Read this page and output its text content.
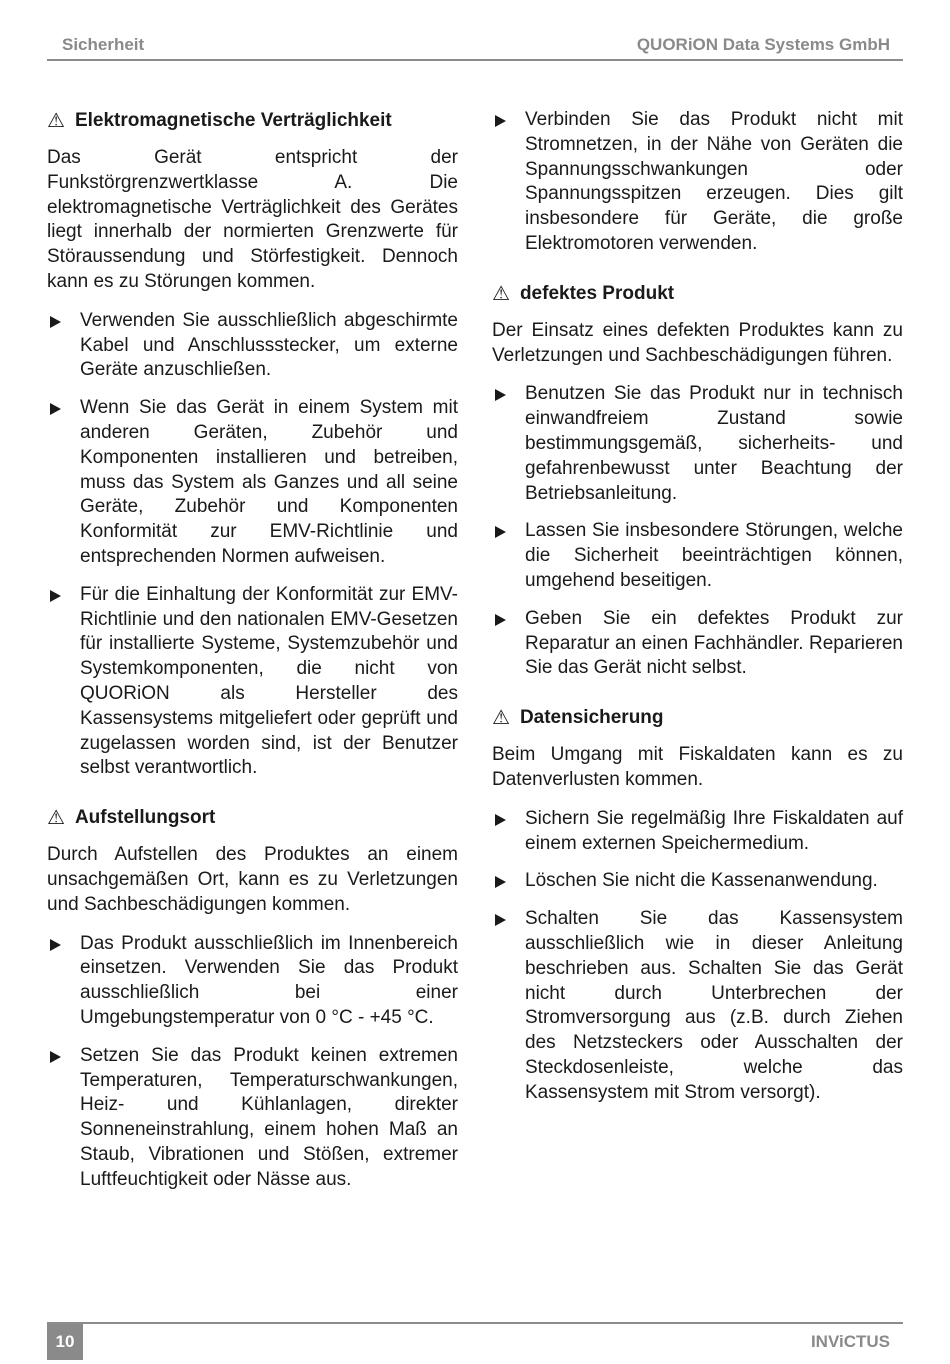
Sicherheit	QUORiON Data Systems GmbH
⚠ Elektromagnetische Verträglichkeit

Das Gerät entspricht der Funkstörgrenzwertklasse A. Die elektromagnetische Verträglichkeit des Gerätes liegt innerhalb der normierten Grenzwerte für Störaussendung und Störfestigkeit. Dennoch kann es zu Störungen kommen.

Verwenden Sie ausschließlich abgeschirmte Kabel und Anschlussstecker, um externe Geräte anzuschließen.
Wenn Sie das Gerät in einem System mit anderen Geräten, Zubehör und Komponenten installieren und betreiben, muss das System als Ganzes und all seine Geräte, Zubehör und Komponenten Konformität zur EMV-Richtlinie und entsprechenden Normen aufweisen.
Für die Einhaltung der Konformität zur EMV-Richtlinie und den nationalen EMV-Gesetzen für installierte Systeme, Systemzubehör und Systemkomponenten, die nicht von QUORiON als Hersteller des Kassensystems mitgeliefert oder geprüft und zugelassen worden sind, ist der Benutzer selbst verantwortlich.
⚠ Aufstellungsort

Durch Aufstellen des Produktes an einem unsachgemäßen Ort, kann es zu Verletzungen und Sachbeschädigungen kommen.

Das Produkt ausschließlich im Innenbereich einsetzen. Verwenden Sie das Produkt ausschließlich bei einer Umgebungstemperatur von 0 °C - +45 °C.
Setzen Sie das Produkt keinen extremen Temperaturen, Temperaturschwankungen, Heiz- und Kühlanlagen, direkter Sonneneinstrahlung, einem hohen Maß an Staub, Vibrationen und Stößen, extremer Luftfeuchtigkeit oder Nässe aus.
Verbinden Sie das Produkt nicht mit Stromnetzen, in der Nähe von Geräten die Spannungsschwankungen oder Spannungsspitzen erzeugen. Dies gilt insbesondere für Geräte, die große Elektromotoren verwenden.
⚠ defektes Produkt

Der Einsatz eines defekten Produktes kann zu Verletzungen und Sachbeschädigungen führen.

Benutzen Sie das Produkt nur in technisch einwandfreiem Zustand sowie bestimmungsgemäß, sicherheits- und gefahrenbewusst unter Beachtung der Betriebsanleitung.
Lassen Sie insbesondere Störungen, welche die Sicherheit beeinträchtigen können, umgehend beseitigen.
Geben Sie ein defektes Produkt zur Reparatur an einen Fachhändler. Reparieren Sie das Gerät nicht selbst.
⚠ Datensicherung

Beim Umgang mit Fiskaldaten kann es zu Datenverlusten kommen.

Sichern Sie regelmäßig Ihre Fiskaldaten auf einem externen Speichermedium.
Löschen Sie nicht die Kassenanwendung.
Schalten Sie das Kassensystem ausschließlich wie in dieser Anleitung beschrieben aus. Schalten Sie das Gerät nicht durch Unterbrechen der Stromversorgung aus (z.B. durch Ziehen des Netzsteckers oder Ausschalten der Steckdosenleiste, welche das Kassensystem mit Strom versorgt).
10	INViCTUS
